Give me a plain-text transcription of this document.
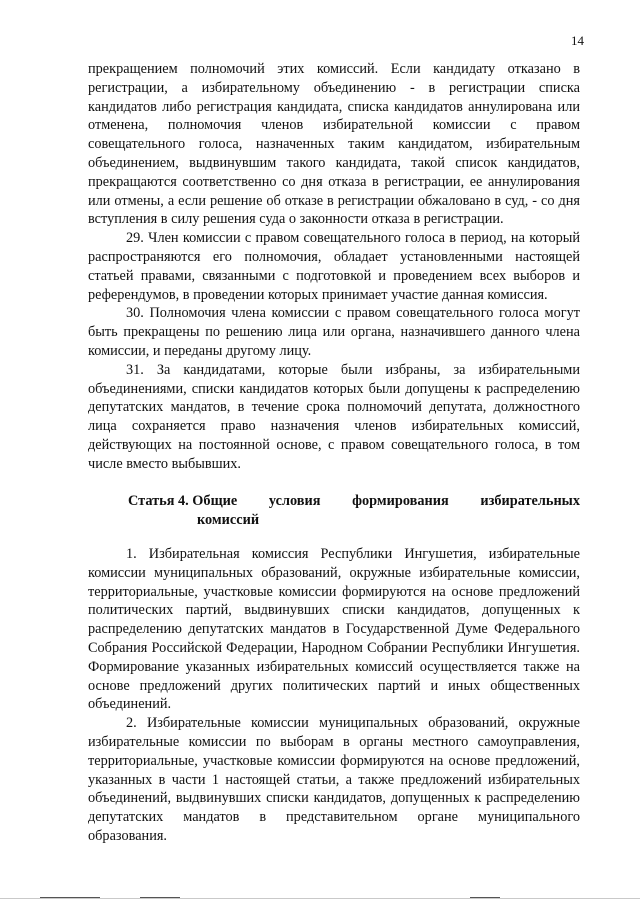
14

прекращением полномочий этих комиссий. Если кандидату отказано в регистрации, а избирательному объединению - в регистрации списка кандидатов либо регистрация кандидата, списка кандидатов аннулирована или отменена, полномочия членов избирательной комиссии с правом совещательного голоса, назначенных таким кандидатом, избирательным объединением, выдвинувшим такого кандидата, такой список кандидатов, прекращаются соответственно со дня отказа в регистрации, ее аннулирования или отмены, а если решение об отказе в регистрации обжаловано в суд, - со дня вступления в силу решения суда о законности отказа в регистрации.

29. Член комиссии с правом совещательного голоса в период, на который распространяются его полномочия, обладает установленными настоящей статьей правами, связанными с подготовкой и проведением всех выборов и референдумов, в проведении которых принимает участие данная комиссия.

30. Полномочия члена комиссии с правом совещательного голоса могут быть прекращены по решению лица или органа, назначившего данного члена комиссии, и переданы другому лицу.

31. За кандидатами, которые были избраны, за избирательными объединениями, списки кандидатов которых были допущены к распределению депутатских мандатов, в течение срока полномочий депутата, должностного лица сохраняется право назначения членов избирательных комиссий, действующих на постоянной основе, с правом совещательного голоса, в том числе вместо выбывших.

Статья 4. Общие условия формирования избирательных
комиссий

1. Избирательная комиссия Республики Ингушетия, избирательные комиссии муниципальных образований, окружные избирательные комиссии, территориальные, участковые комиссии формируются на основе предложений политических партий, выдвинувших списки кандидатов, допущенных к распределению депутатских мандатов в Государственной Думе Федерального Собрания Российской Федерации, Народном Собрании Республики Ингушетия. Формирование указанных избирательных комиссий осуществляется также на основе предложений других политических партий и иных общественных объединений.

2. Избирательные комиссии муниципальных образований, окружные избирательные комиссии по выборам в органы местного самоуправления, территориальные, участковые комиссии формируются на основе предложений, указанных в части 1 настоящей статьи, а также предложений избирательных объединений, выдвинувших списки кандидатов, допущенных к распределению депутатских мандатов в представительном органе муниципального образования.
